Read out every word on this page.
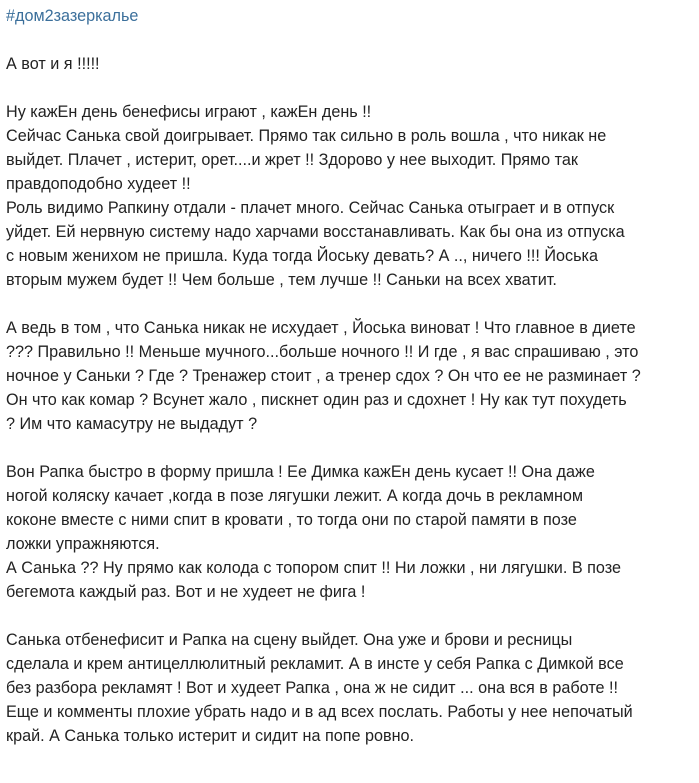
#дом2зазеркалье
А вот и я !!!!!
Ну кажЕн день бенефисы играют , кажЕн день !!
Сейчас Санька свой доигрывает. Прямо так сильно в роль вошла , что никак не
выйдет. Плачет , истерит, орет....и жрет !! Здорово у нее выходит. Прямо так
правдоподобно худеет !!
Роль видимо Рапкину отдали - плачет много. Сейчас Санька отыграет и в отпуск
уйдет. Ей нервную систему надо харчами восстанавливать. Как бы она из отпуска
с новым женихом не пришла. Куда тогда Йоську девать? А .., ничего !!! Йоська
вторым мужем будет !! Чем больше , тем лучше !! Саньки на всех хватит.
А ведь в том , что Санька никак не исхудает , Йоська виноват ! Что главное в диете
??? Правильно !! Меньше мучного...больше ночного !! И где , я вас спрашиваю , это
ночное у Саньки ? Где ? Тренажер стоит , а тренер сдох ? Он что ее не разминает ?
Он что как комар ? Всунет жало , пискнет один раз и сдохнет ! Ну как тут похудеть
? Им что камасутру не выдадут ?
Вон Рапка быстро в форму пришла ! Ее Димка кажЕн день кусает !! Она даже
ногой коляску качает ,когда в позе лягушки лежит. А когда дочь в рекламном
коконе вместе с ними спит в кровати , то тогда они по старой памяти в позе
ложки упражняются.
А Санька ?? Ну прямо как колода с топором спит !! Ни ложки , ни лягушки. В позе
бегемота каждый раз. Вот и не худеет не фига !
Санька отбенефисит и Рапка на сцену выйдет. Она уже и брови и ресницы
сделала и крем антицеллюлитный рекламит. А в инсте у себя Рапка с Димкой все
без разбора рекламят ! Вот и худеет Рапка , она ж не сидит ... она вся в работе !!
Еще и комменты плохие убрать надо и в ад всех послать. Работы у нее непочатый
край. А Санька только истерит и сидит на попе ровно.
